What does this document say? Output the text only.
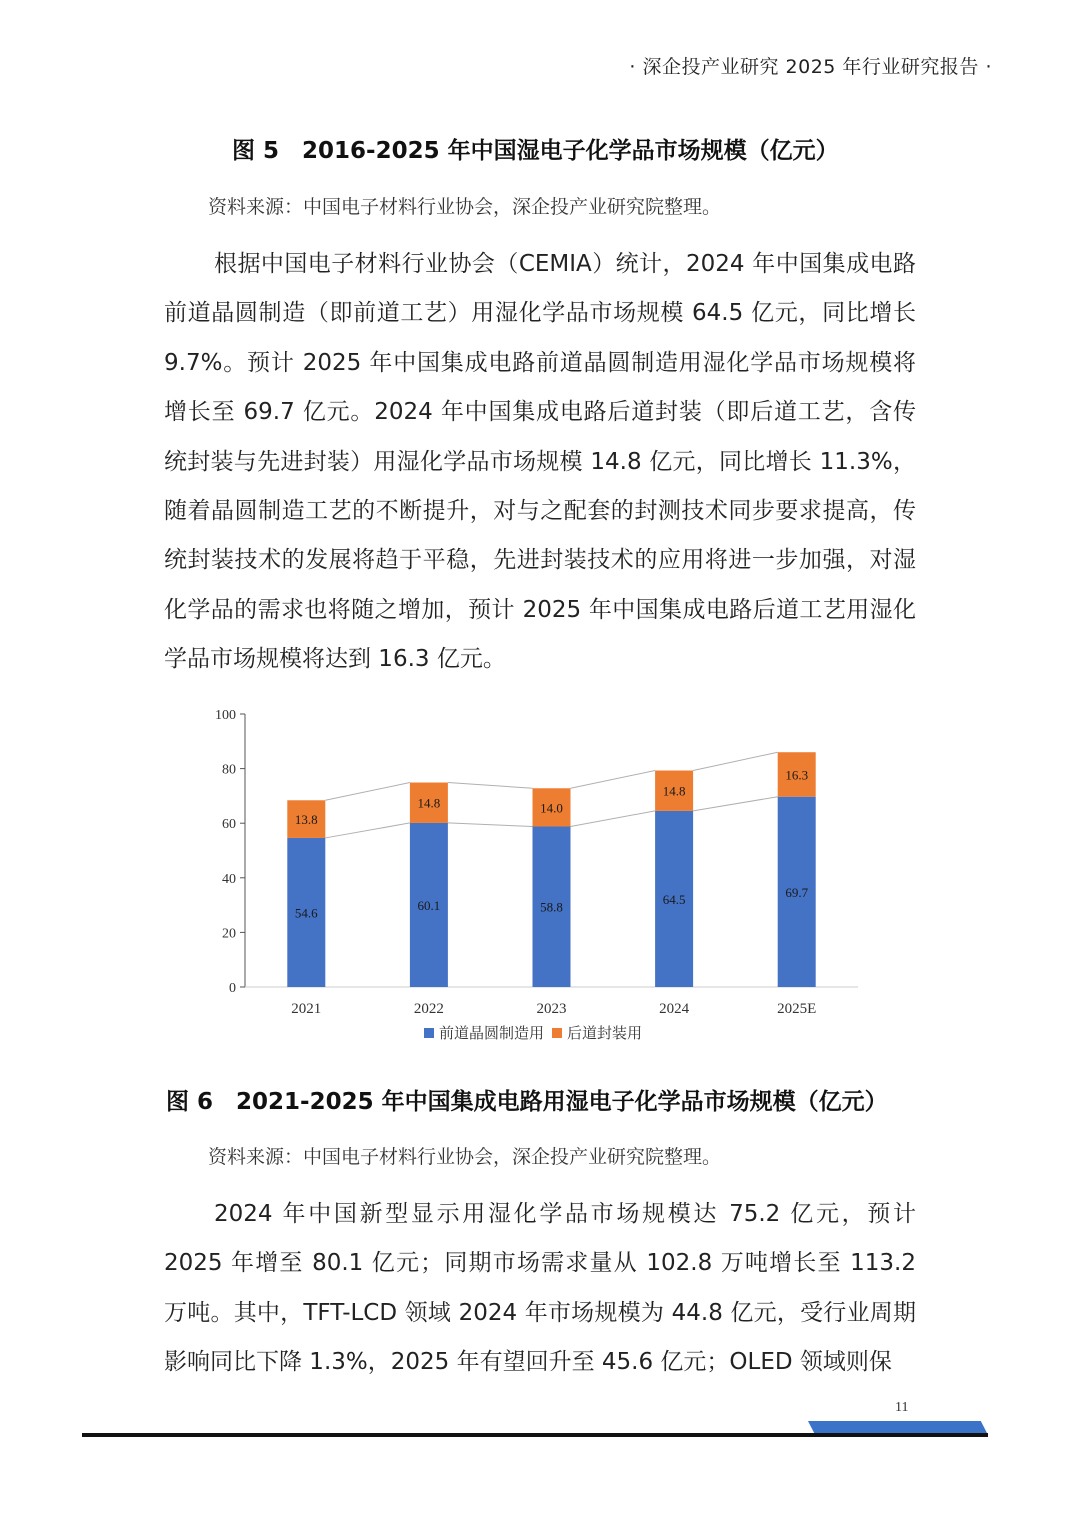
· 深企投产业研究 2025 年行业研究报告 ·
图 5　2016-2025 年中国湿电子化学品市场规模（亿元）
资料来源：中国电子材料行业协会，深企投产业研究院整理。

根据中国电子材料行业协会（CEMIA）统计，2024 年中国集成电路前道晶圆制造（即前道工艺）用湿化学品市场规模 64.5 亿元，同比增长 9.7%。预计 2025 年中国集成电路前道晶圆制造用湿化学品市场规模将增长至 69.7 亿元。2024 年中国集成电路后道封装（即后道工艺，含传统封装与先进封装）用湿化学品市场规模 14.8 亿元，同比增长 11.3%，随着晶圆制造工艺的不断提升，对与之配套的封测技术同步要求提高，传统封装技术的发展将趋于平稳，先进封装技术的应用将进一步加强，对湿化学品的需求也将随之增加，预计 2025 年中国集成电路后道工艺用湿化学品市场规模将达到 16.3 亿元。

0
20
40
60
80
100
2021	2022	2023	2024	2025E
54.6
13.8
60.1
14.8
58.8
14.0
64.5
14.8
69.7
16.3
前道晶圆制造用 后道封装用
图 6　2021-2025 年中国集成电路用湿电子化学品市场规模（亿元）
资料来源：中国电子材料行业协会，深企投产业研究院整理。

2024 年中国新型显示用湿化学品市场规模达 75.2 亿元，预计 2025 年增至 80.1 亿元；同期市场需求量从 102.8 万吨增长至 113.2 万吨。其中，TFT-LCD 领域 2024 年市场规模为 44.8 亿元，受行业周期影响同比下降 1.3%，2025 年有望回升至 45.6 亿元；OLED 领域则保

11
